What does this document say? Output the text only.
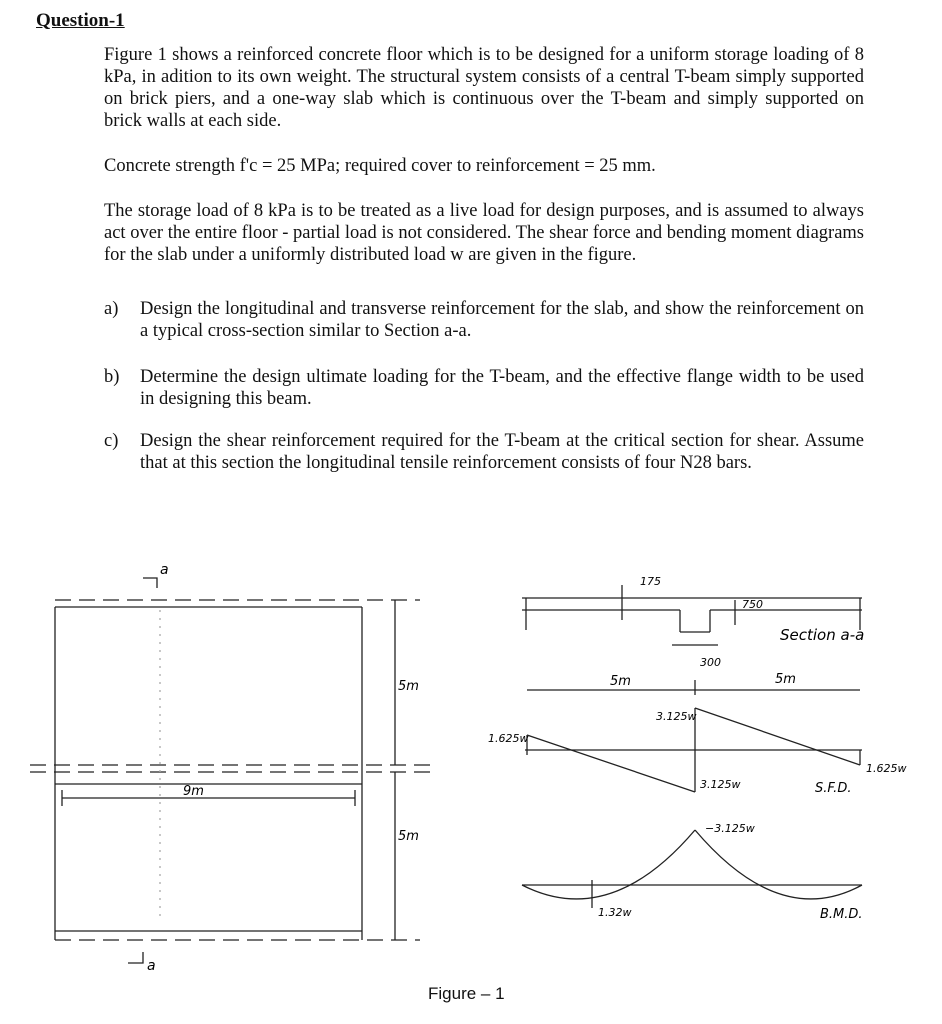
Question-1
Figure 1 shows a reinforced concrete floor which is to be designed for a uniform storage loading of 8 kPa, in adition to its own weight. The structural system consists of a central T-beam simply supported on brick piers, and a one-way slab which is continuous over the T-beam and simply supported on brick walls at each side.
Concrete strength f'c = 25 MPa; required cover to reinforcement = 25 mm.
The storage load of 8 kPa is to be treated as a live load for design purposes, and is assumed to always act over the entire floor - partial load is not considered. The shear force and bending moment diagrams for the slab under a uniformly distributed load w are given in the figure.
a) Design the longitudinal and transverse reinforcement for the slab, and show the reinforcement on a typical cross-section similar to Section a-a.
b) Determine the design ultimate loading for the T-beam, and the effective flange width to be used in designing this beam.
c) Design the shear reinforcement required for the T-beam at the critical section for shear. Assume that at this section the longitudinal tensile reinforcement consists of four N28 bars.
a
a
5m
5m
9m
175
750
300
Section a-a
5m	5m
1.625w
3.125w
3.125w
1.625w
S.F.D.
−3.125w
1.32w	B.M.D.
Figure – 1
